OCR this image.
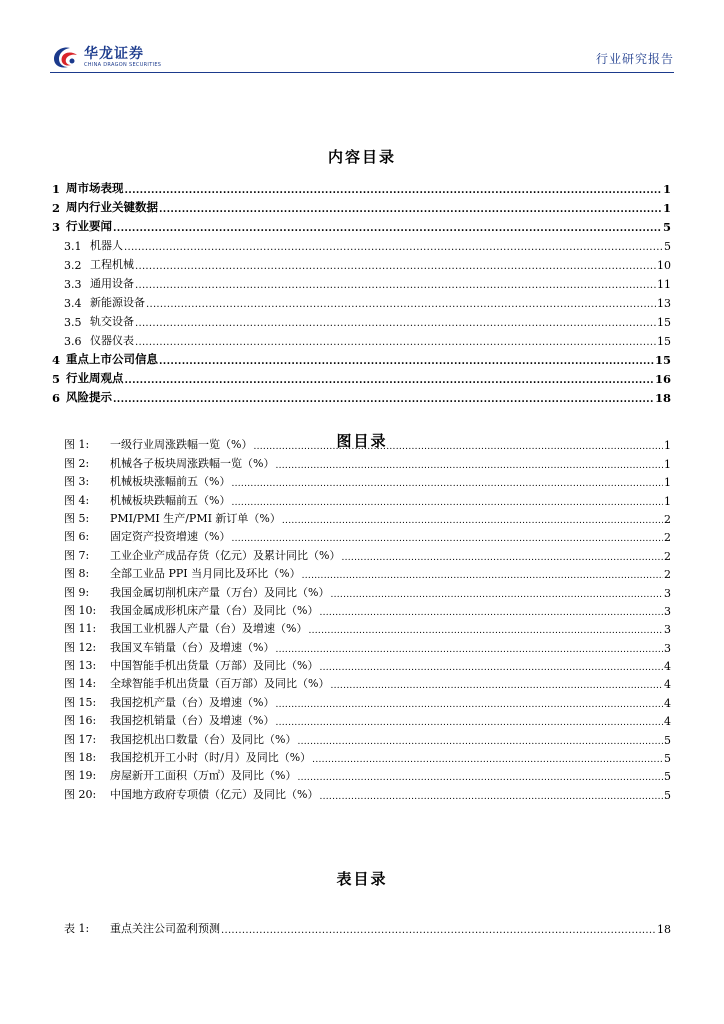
华龙证券
CHINA DRAGON SECURITIES	行业研究报告
内容目录
1 周市场表现 .....	1
2 周内行业关键数据 .....	1
3 行业要闻 .....	5
3.1 机器人 .....	5
3.2 工程机械 .....	10
3.3 通用设备 .....	11
3.4 新能源设备 .....	13
3.5 轨交设备 .....	15
3.6 仪器仪表 .....	15
4 重点上市公司信息 .....	15
5 行业周观点 .....	16
6 风险提示 .....	18
图目录
图 1:	一级行业周涨跌幅一览（%） .....	1
图 2:	机械各子板块周涨跌幅一览（%） .....	1
图 3:	机械板块涨幅前五（%） .....	1
图 4:	机械板块跌幅前五（%） .....	1
图 5:	PMI/PMI 生产/PMI 新订单（%） .....	2
图 6:	固定资产投资增速（%） .....	2
图 7:	工业企业产成品存货（亿元）及累计同比（%） .....	2
图 8:	全部工业品 PPI 当月同比及环比（%） .....	2
图 9:	我国金属切削机床产量（万台）及同比（%） .....	3
图 10:	我国金属成形机床产量（台）及同比（%） .....	3
图 11:	我国工业机器人产量（台）及增速（%） .....	3
图 12:	我国叉车销量（台）及增速（%） .....	3
图 13:	中国智能手机出货量（万部）及同比（%） .....	4
图 14:	全球智能手机出货量（百万部）及同比（%） .....	4
图 15:	我国挖机产量（台）及增速（%） .....	4
图 16:	我国挖机销量（台）及增速（%） .....	4
图 17:	我国挖机出口数量（台）及同比（%） .....	5
图 18:	我国挖机开工小时（时/月）及同比（%） .....	5
图 19:	房屋新开工面积（万㎡）及同比（%） .....	5
图 20:	中国地方政府专项债（亿元）及同比（%） .....	5
表目录
表 1:	重点关注公司盈利预测 .....	18
